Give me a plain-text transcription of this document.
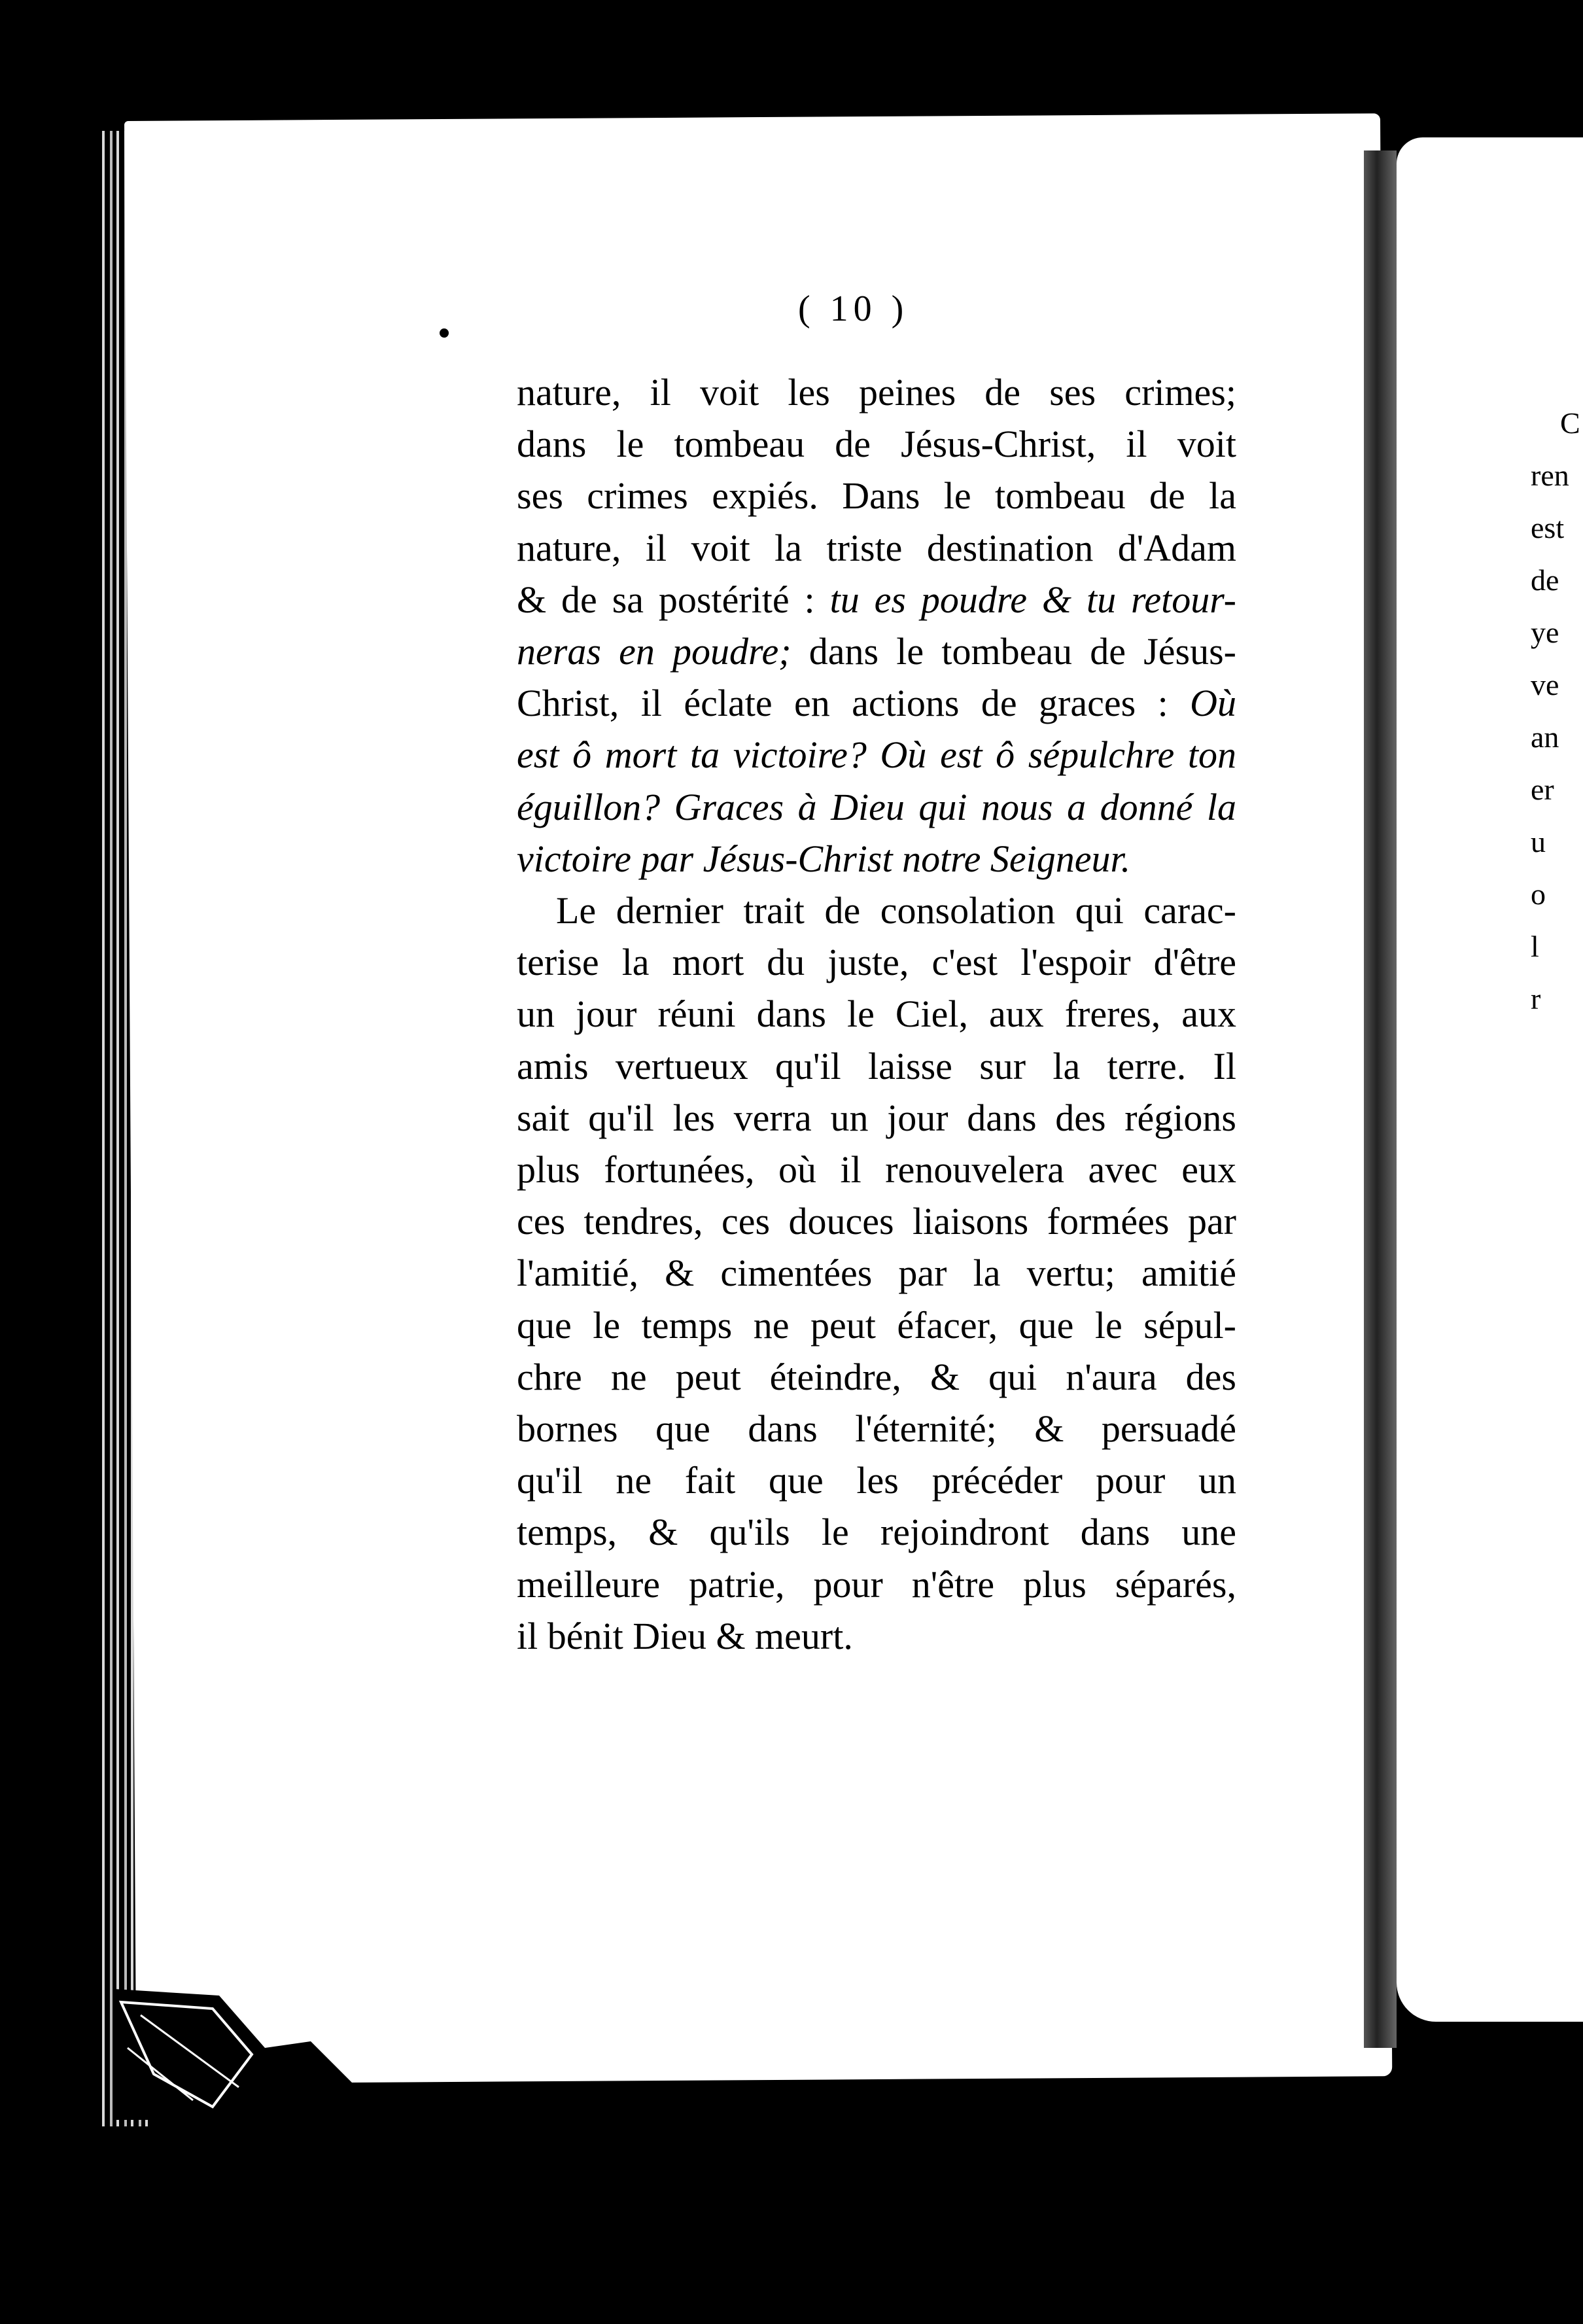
( 10 )
nature, il voit les peines de ses crimes;
dans le tombeau de Jésus-Christ, il voit
ses crimes expiés. Dans le tombeau de la
nature, il voit la triste destination d'Adam
& de sa postérité : tu es poudre & tu retour-
neras en poudre; dans le tombeau de Jésus-
Christ, il éclate en actions de graces : Où
est ô mort ta victoire? Où est ô sépulchre ton
éguillon? Graces à Dieu qui nous a donné la
victoire par Jésus-Christ notre Seigneur.
Le dernier trait de consolation qui carac-
terise la mort du juste, c'est l'espoir d'être
un jour réuni dans le Ciel, aux freres, aux
amis vertueux qu'il laisse sur la terre. Il
sait qu'il les verra un jour dans des régions
plus fortunées, où il renouvelera avec eux
ces tendres, ces douces liaisons formées par
l'amitié, & cimentées par la vertu; amitié
que le temps ne peut éfacer, que le sépul-
chre ne peut éteindre, & qui n'aura des
bornes que dans l'éternité; & persuadé
qu'il ne fait que les précéder pour un
temps, & qu'ils le rejoindront dans une
meilleure patrie, pour n'être plus séparés,
il bénit Dieu & meurt.
C
ren
est
de
ye
ve
an
er
u
o
l
r
